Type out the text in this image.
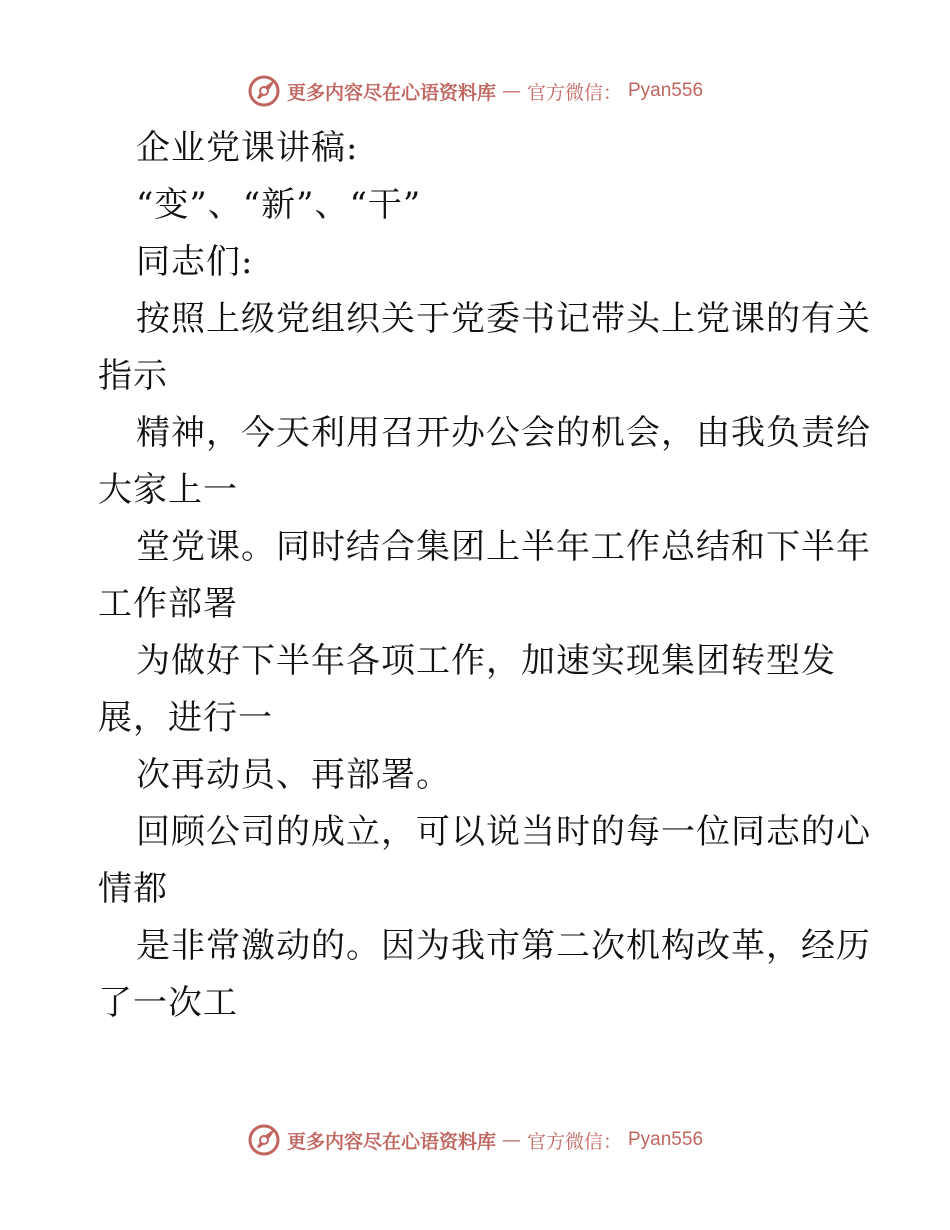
更多内容尽在心语资料库 — 官方微信： Pyan556
企业党课讲稿:
“变”、“新”、“干”
同志们:
按照上级党组织关于党委书记带头上党课的有关
指示
精神，今天利用召开办公会的机会，由我负责给
大家上一
堂党课。同时结合集团上半年工作总结和下半年
工作部署
为做好下半年各项工作，加速实现集团转型发
展，进行一
次再动员、再部署。
回顾公司的成立，可以说当时的每一位同志的心
情都
是非常激动的。因为我市第二次机构改革，经历
了一次工
更多内容尽在心语资料库 — 官方微信： Pyan556
